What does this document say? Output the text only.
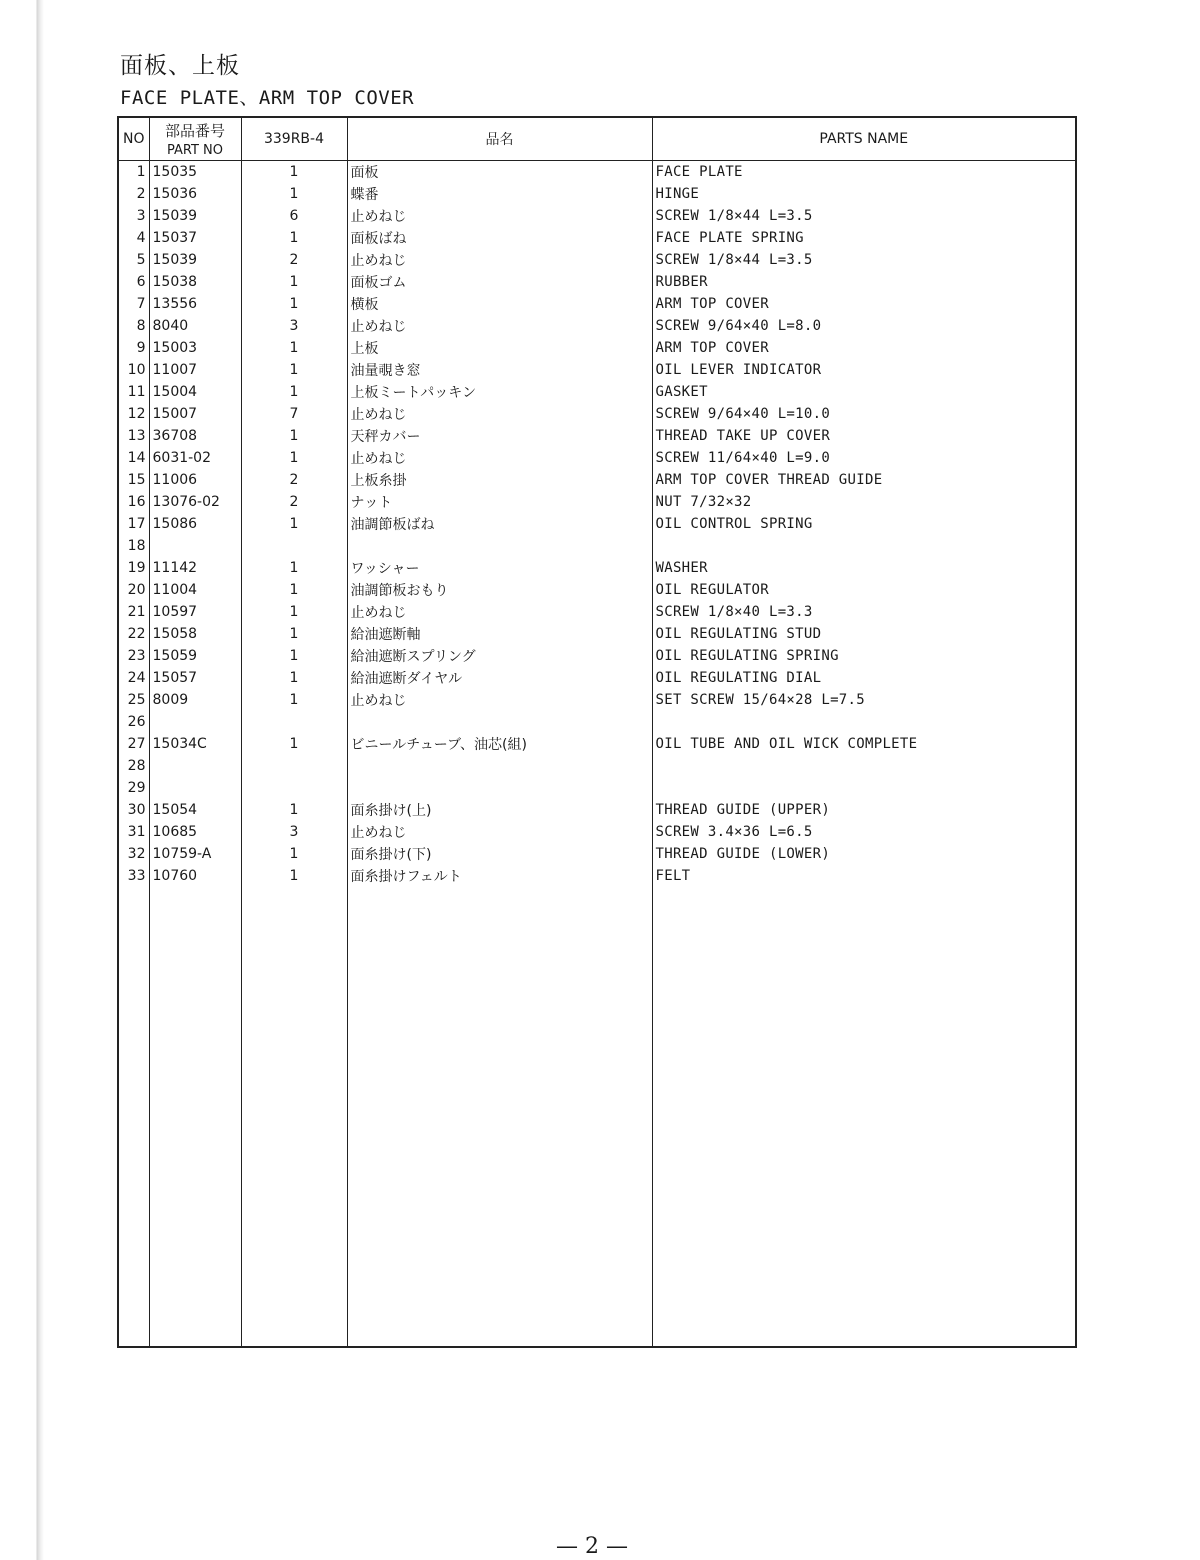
面板、上板
FACE PLATE、ARM TOP COVER
NO	部品番号
PART NO	339RB-4	品名	PARTS NAME
1	15035	1	面板	FACE PLATE
2	15036	1	蝶番	HINGE
3	15039	6	止めねじ	SCREW 1/8×44 L=3.5
4	15037	1	面板ばね	FACE PLATE SPRING
5	15039	2	止めねじ	SCREW 1/8×44 L=3.5
6	15038	1	面板ゴム	RUBBER
7	13556	1	横板	ARM TOP COVER
8	8040	3	止めねじ	SCREW 9/64×40 L=8.0
9	15003	1	上板	ARM TOP COVER
10	11007	1	油量覗き窓	OIL LEVER INDICATOR
11	15004	1	上板ミートパッキン	GASKET
12	15007	7	止めねじ	SCREW 9/64×40 L=10.0
13	36708	1	天秤カバー	THREAD TAKE UP COVER
14	6031-02	1	止めねじ	SCREW 11/64×40 L=9.0
15	11006	2	上板糸掛	ARM TOP COVER THREAD GUIDE
16	13076-02	2	ナット	NUT 7/32×32
17	15086	1	油調節板ばね	OIL CONTROL SPRING
18				
19	11142	1	ワッシャー	WASHER
20	11004	1	油調節板おもり	OIL REGULATOR
21	10597	1	止めねじ	SCREW 1/8×40 L=3.3
22	15058	1	給油遮断軸	OIL REGULATING STUD
23	15059	1	給油遮断スプリング	OIL REGULATING SPRING
24	15057	1	給油遮断ダイヤル	OIL REGULATING DIAL
25	8009	1	止めねじ	SET SCREW 15/64×28 L=7.5
26				
27	15034C	1	ビニールチューブ、油芯(組)	OIL TUBE AND OIL WICK COMPLETE
28				
29				
30	15054	1	面糸掛け(上)	THREAD GUIDE (UPPER)
31	10685	3	止めねじ	SCREW 3.4×36 L=6.5
32	10759-A	1	面糸掛け(下)	THREAD GUIDE (LOWER)
33	10760	1	面糸掛けフェルト	FELT

— 2 —
